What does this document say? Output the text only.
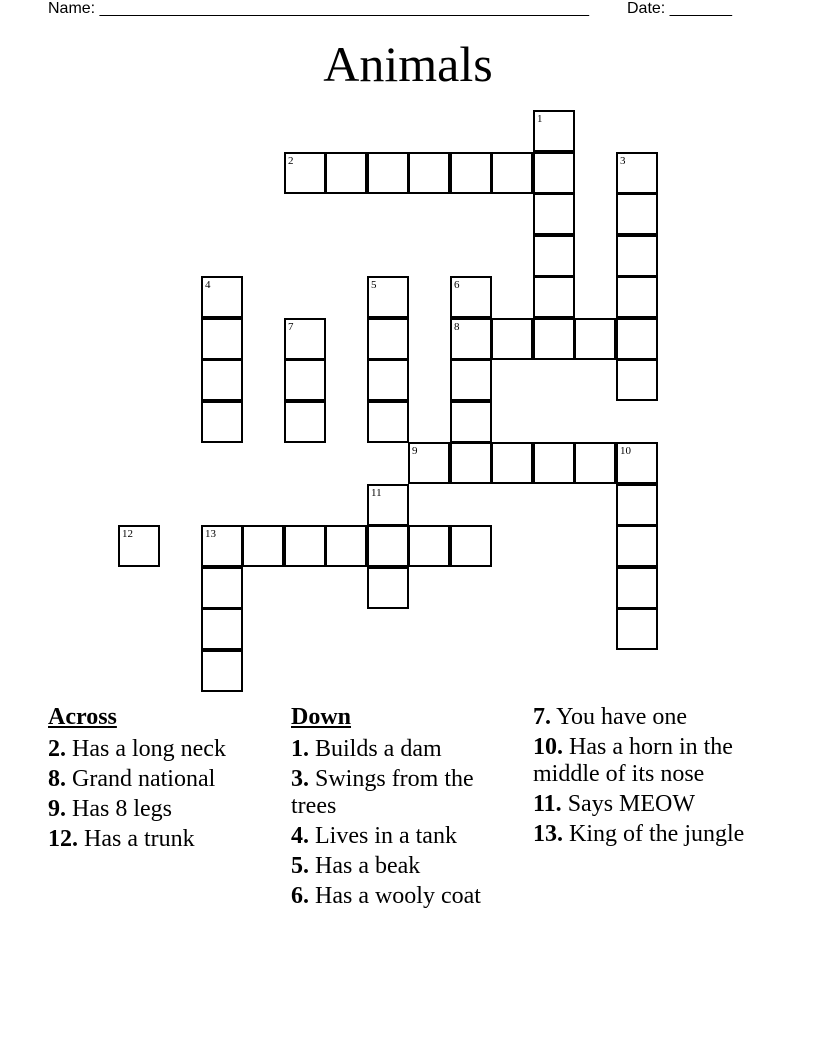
Name: _______________________________________________________ Date: _______
Animals
1
2	3
4	5	6
7	8
9	10
11
12	13
Across
2. Has a long neck
8. Grand national
9. Has 8 legs
12. Has a trunk
Down
1. Builds a dam
3. Swings from the trees
4. Lives in a tank
5. Has a beak
6. Has a wooly coat
7. You have one
10. Has a horn in the middle of its nose
11. Says MEOW
13. King of the jungle
